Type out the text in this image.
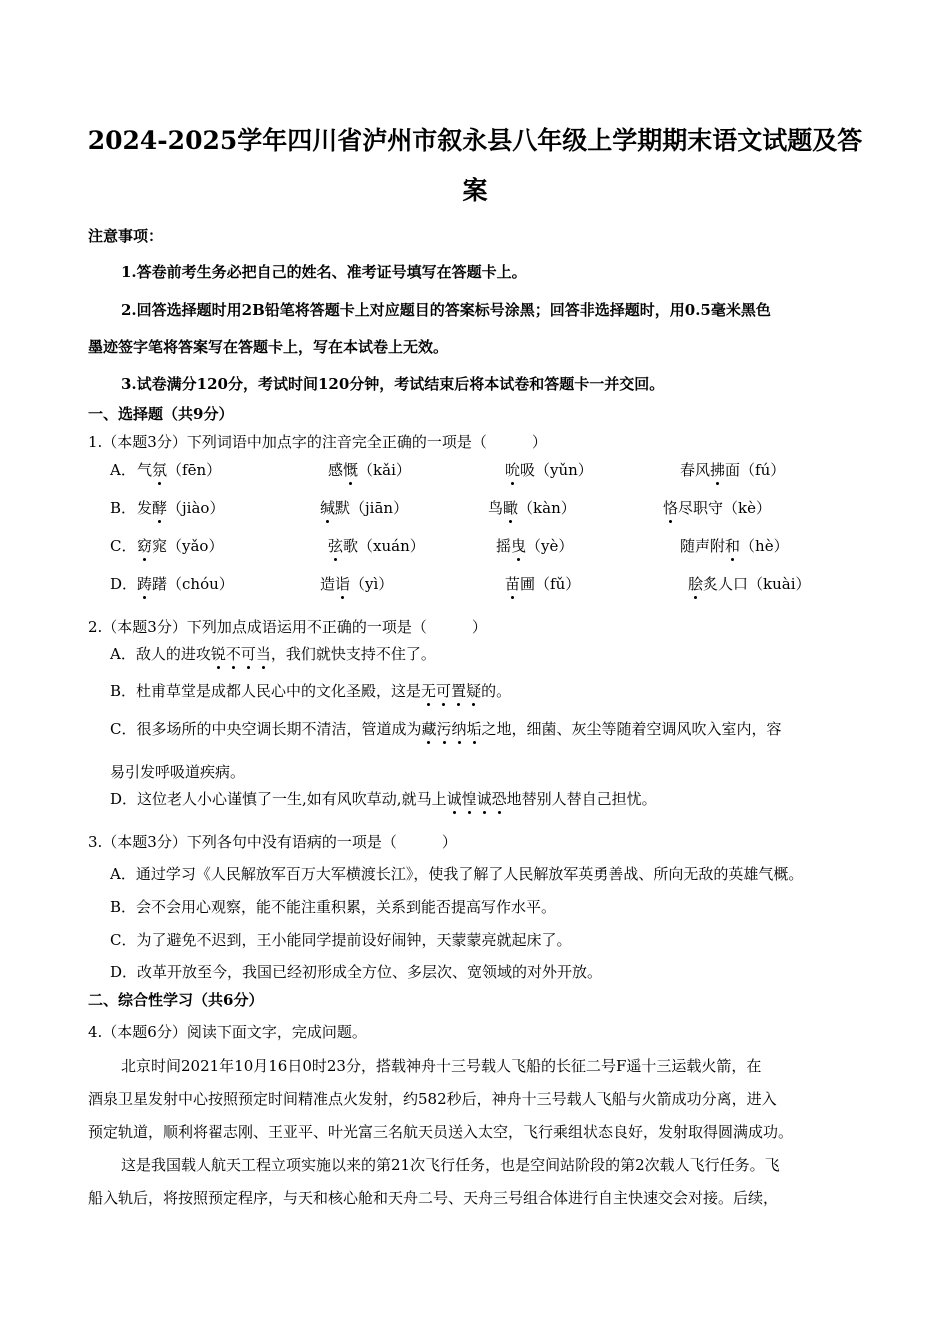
2024-2025学年四川省泸州市叙永县八年级上学期期末语文试题及答
案
注意事项：
1.答卷前考生务必把自己的姓名、准考证号填写在答题卡上。
2.回答选择题时用2B铅笔将答题卡上对应题目的答案标号涂黑；回答非选择题时，用0.5毫米黑色
墨迹签字笔将答案写在答题卡上，写在本试卷上无效。
3.试卷满分120分，考试时间120分钟，考试结束后将本试卷和答题卡一并交回。
一、选择题（共9分）
1.（本题3分）下列词语中加点字的注音完全正确的一项是（　　　）
A． 气氛（fēn）	感慨（kǎi）	吮吸（yǔn）	春风拂面（fú）
B． 发酵（jiào）	缄默（jiān）	鸟瞰（kàn）	恪尽职守（kè）
C． 窈窕（yǎo）	弦歌（xuán）	摇曳（yè）	随声附和（hè）
D． 踌躇（chóu）	造诣（yì）	苗圃（fǔ）	脍炙人口（kuài）
2.（本题3分）下列加点成语运用不正确的一项是（　　　）
A．敌人的进攻锐不可当，我们就快支持不住了。
B．杜甫草堂是成都人民心中的文化圣殿，这是无可置疑的。
C．很多场所的中央空调长期不清洁，管道成为藏污纳垢之地，细菌、灰尘等随着空调风吹入室内，容
易引发呼吸道疾病。
D．这位老人小心谨慎了一生,如有风吹草动,就马上诚惶诚恐地替别人替自己担忧。
3.（本题3分）下列各句中没有语病的一项是（　　　）
A．通过学习《人民解放军百万大军横渡长江》，使我了解了人民解放军英勇善战、所向无敌的英雄气概。
B．会不会用心观察，能不能注重积累，关系到能否提高写作水平。
C．为了避免不迟到，王小能同学提前设好闹钟，天蒙蒙亮就起床了。
D．改革开放至今，我国已经初形成全方位、多层次、宽领域的对外开放。
二、综合性学习（共6分）
4.（本题6分）阅读下面文字，完成问题。
北京时间2021年10月16日0时23分，搭载神舟十三号载人飞船的长征二号F遥十三运载火箭，在
酒泉卫星发射中心按照预定时间精准点火发射，约582秒后，神舟十三号载人飞船与火箭成功分离，进入
预定轨道，顺利将翟志刚、王亚平、叶光富三名航天员送入太空，飞行乘组状态良好，发射取得圆满成功。
这是我国载人航天工程立项实施以来的第21次飞行任务，也是空间站阶段的第2次载人飞行任务。飞
船入轨后，将按照预定程序，与天和核心舱和天舟二号、天舟三号组合体进行自主快速交会对接。后续，
